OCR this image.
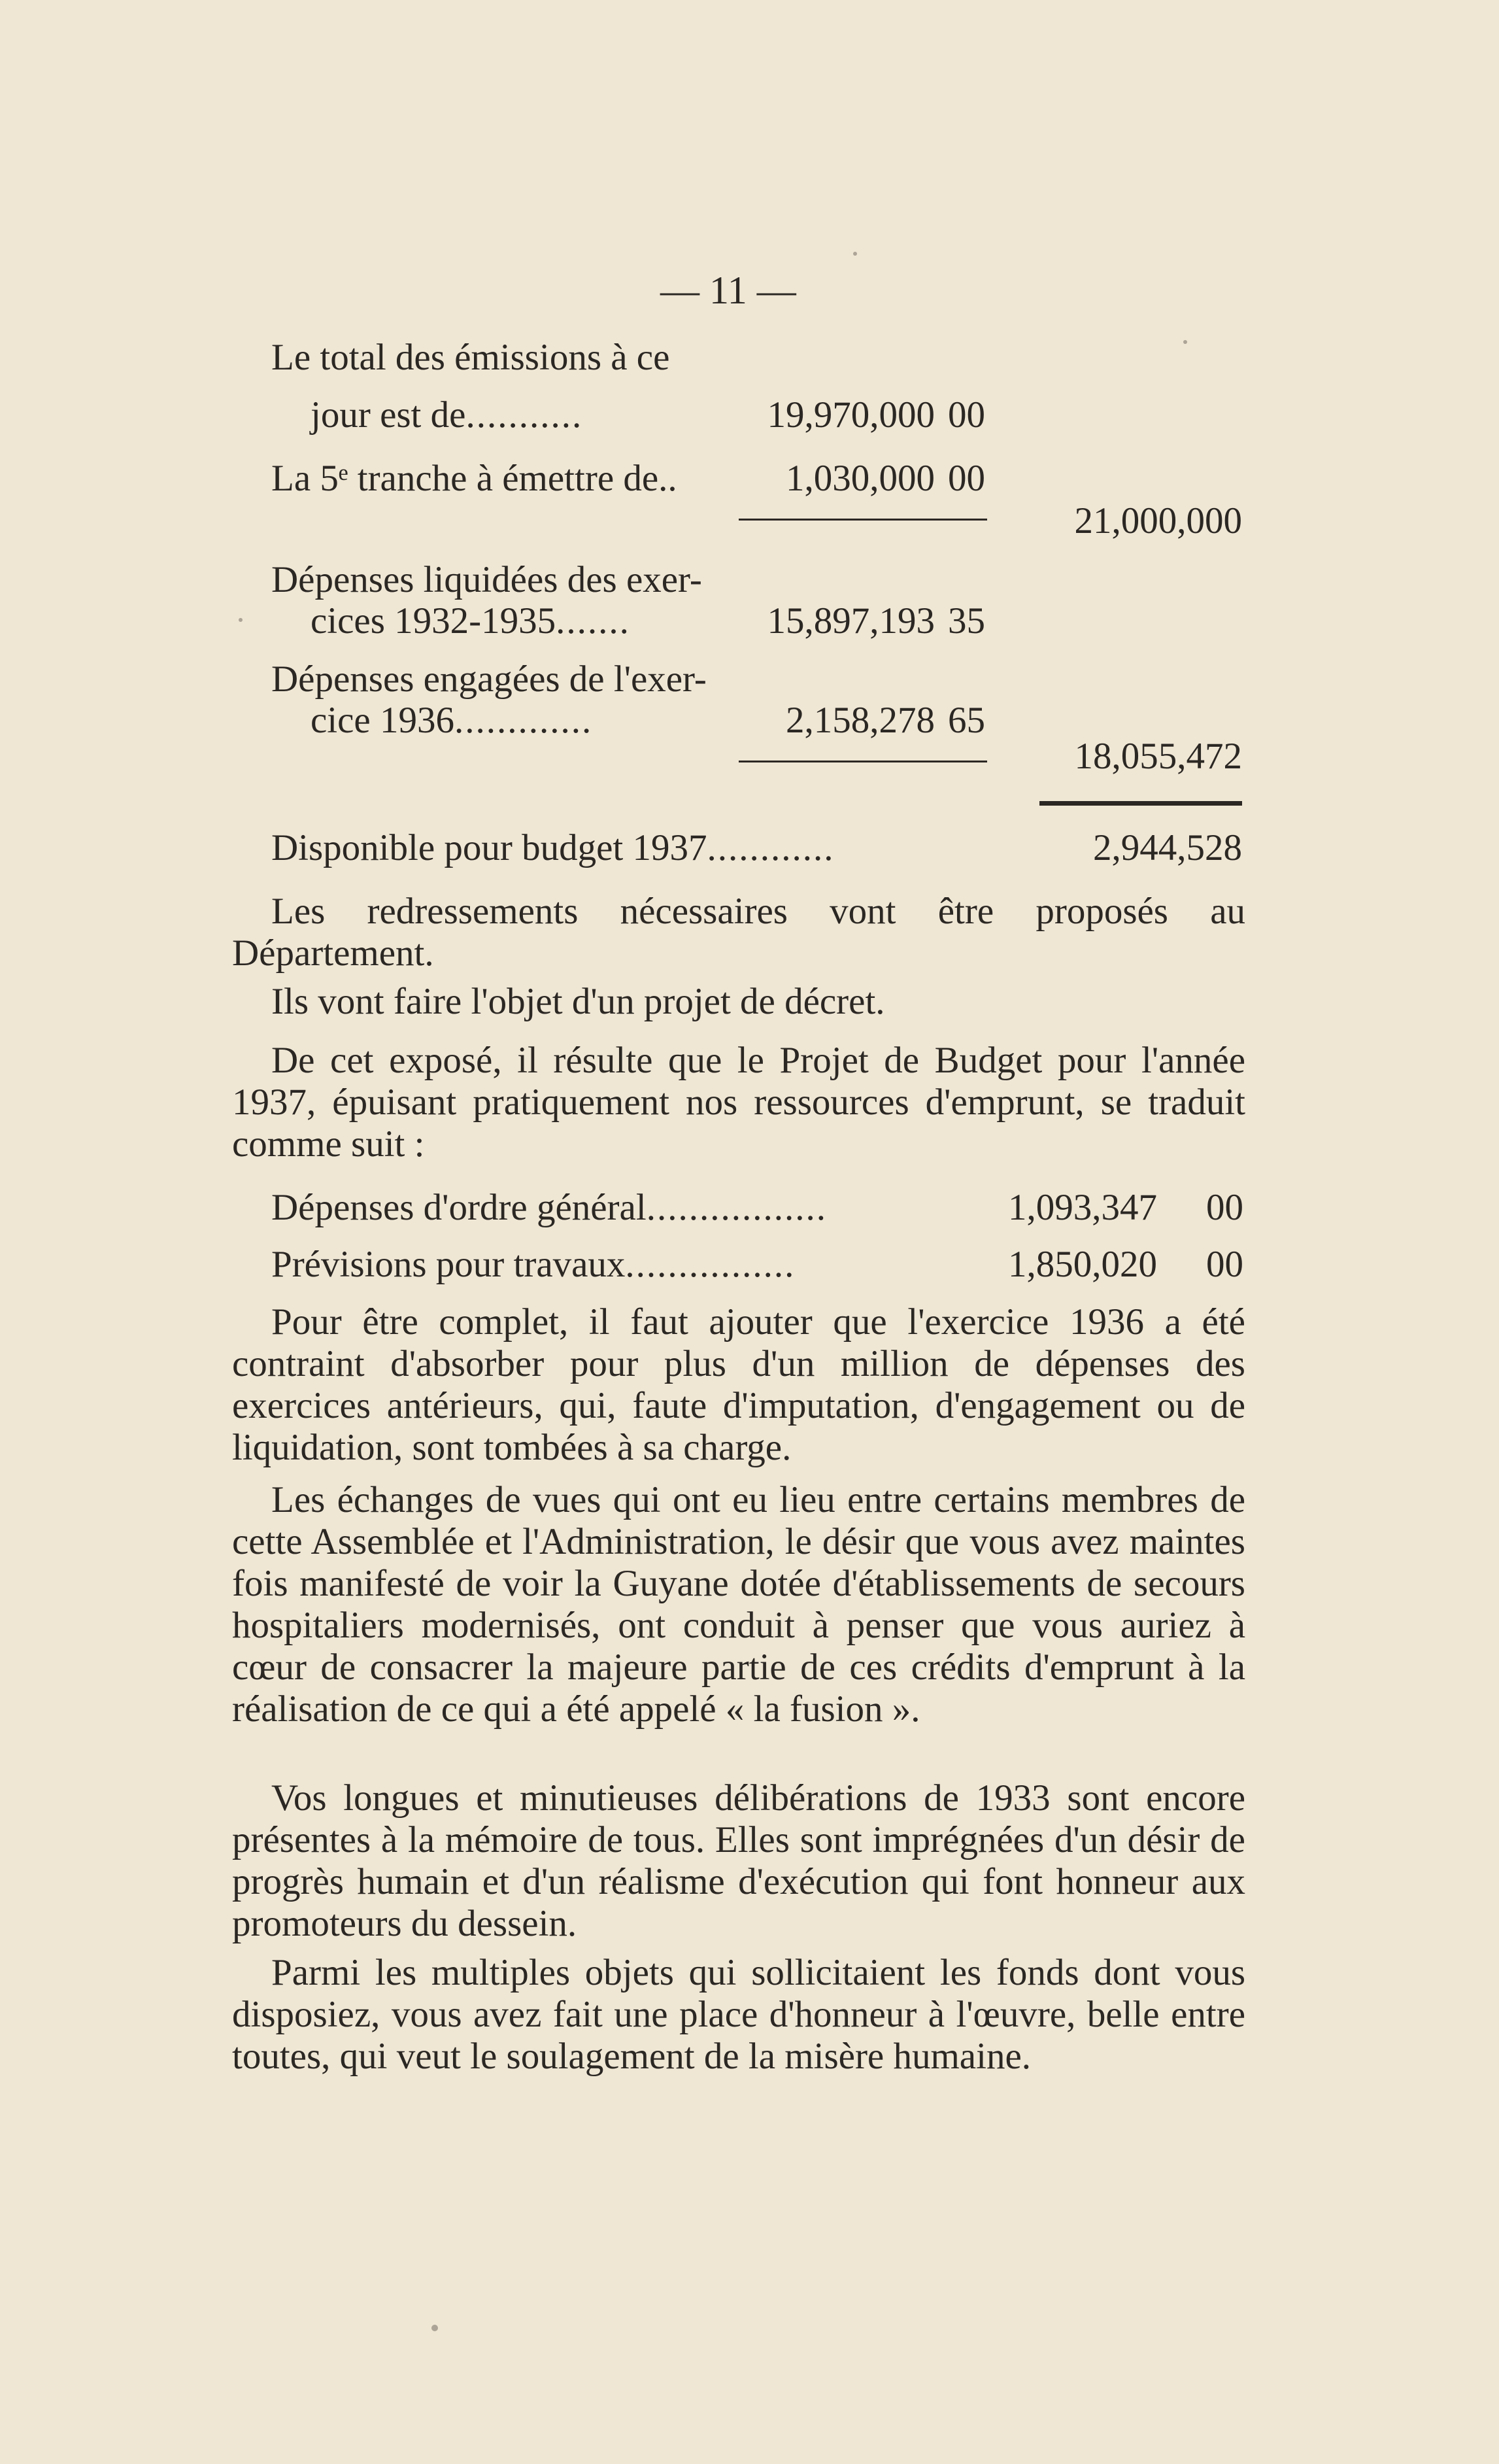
— 11 —
Le total des émissions à ce
jour est de...........	19,970,000 00
La 5ᵉ tranche à émettre de..	1,030,000 00
21,000,000
Dépenses liquidées des exer-
cices 1932-1935.......	15,897,193 35
Dépenses engagées de l'exer-
cice 1936.............	2,158,278 65
18,055,472
Disponible pour budget 1937............	2,944,528
Les redressements nécessaires vont être proposés au Département.
Ils vont faire l'objet d'un projet de décret.
De cet exposé, il résulte que le Projet de Budget pour l'année 1937, épuisant pratiquement nos ressources d'emprunt, se traduit comme suit :
Dépenses d'ordre général.................	1,093,347 00
Prévisions pour travaux................	1,850,020 00
Pour être complet, il faut ajouter que l'exercice 1936 a été contraint d'absorber pour plus d'un million de dépenses des exercices antérieurs, qui, faute d'imputation, d'engagement ou de liquidation, sont tombées à sa charge.
Les échanges de vues qui ont eu lieu entre certains membres de cette Assemblée et l'Administration, le désir que vous avez maintes fois manifesté de voir la Guyane dotée d'établissements de secours hospitaliers modernisés, ont conduit à penser que vous auriez à cœur de consacrer la majeure partie de ces crédits d'emprunt à la réalisation de ce qui a été appelé « la fusion ».
Vos longues et minutieuses délibérations de 1933 sont encore présentes à la mémoire de tous. Elles sont imprégnées d'un désir de progrès humain et d'un réalisme d'exécution qui font honneur aux promoteurs du dessein.
Parmi les multiples objets qui sollicitaient les fonds dont vous disposiez, vous avez fait une place d'honneur à l'œuvre, belle entre toutes, qui veut le soulagement de la misère humaine.
